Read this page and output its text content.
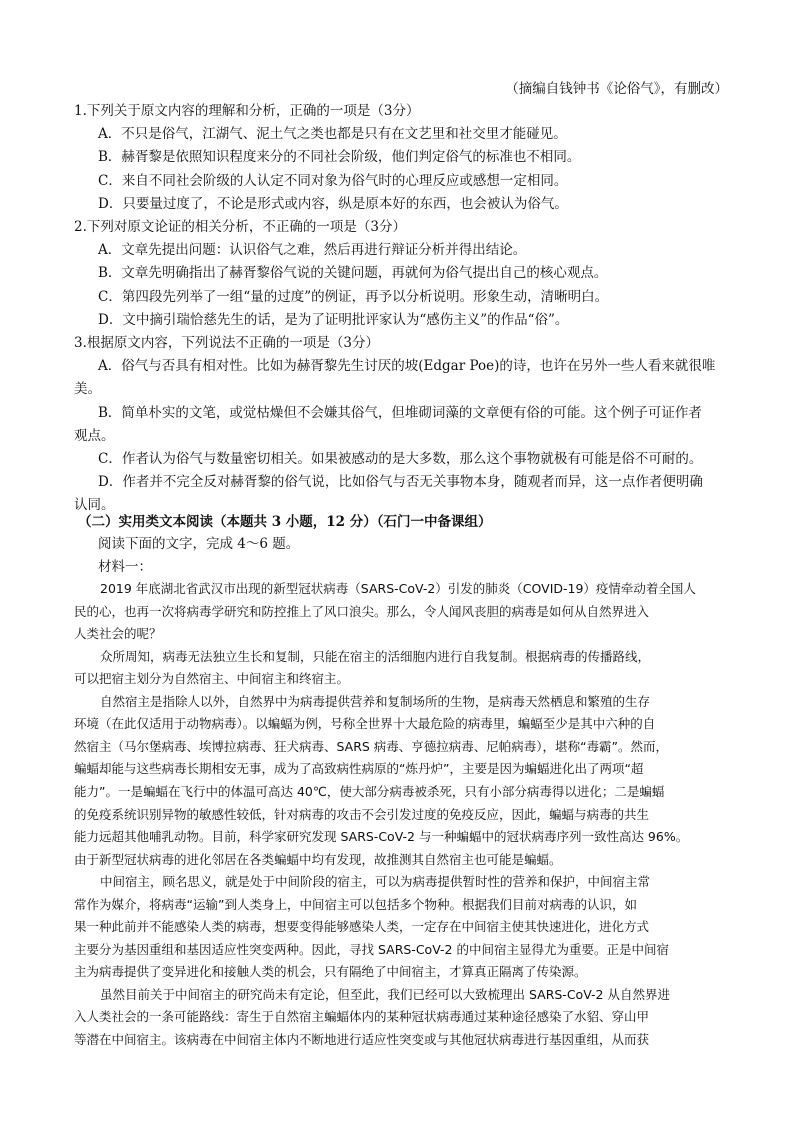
（摘编自钱钟书《论俗气》，有删改）
1.下列关于原文内容的理解和分析，正确的一项是（3分）
A．不只是俗气，江湖气、泥土气之类也都是只有在文艺里和社交里才能碰见。
B．赫胥黎是依照知识程度来分的不同社会阶级，他们判定俗气的标准也不相同。
C．来自不同社会阶级的人认定不同对象为俗气时的心理反应或感想一定相同。
D．只要量过度了，不论是形式或内容，纵是原本好的东西，也会被认为俗气。
2.下列对原文论证的相关分析，不正确的一项是（3分）
A．文章先提出问题：认识俗气之难，然后再进行辩证分析并得出结论。
B．文章先明确指出了赫胥黎俗气说的关键问题，再就何为俗气提出自己的核心观点。
C．第四段先列举了一组“量的过度”的例证，再予以分析说明。形象生动，清晰明白。
D．文中摘引瑞恰慈先生的话，是为了证明批评家认为“感伤主义”的作品“俗”。
3.根据原文内容，下列说法不正确的一项是（3分）
A．俗气与否具有相对性。比如为赫胥黎先生讨厌的坡(Edgar Poe)的诗，也许在另外一些人看来就很唯
美。
B．简单朴实的文笔，或觉枯燥但不会嫌其俗气，但堆砌词藻的文章便有俗的可能。这个例子可证作者
观点。
C．作者认为俗气与数量密切相关。如果被感动的是大多数，那么这个事物就极有可能是俗不可耐的。
D．作者并不完全反对赫胥黎的俗气说，比如俗气与否无关事物本身，随观者而异，这一点作者便明确
认同。
（二）实用类文本阅读（本题共 3 小题，12 分）（石门一中备课组）
阅读下面的文字，完成 4～6 题。
材料一：
2019 年底湖北省武汉市出现的新型冠状病毒（SARS-CoV-2）引发的肺炎（COVID-19）疫情牵动着全国人
民的心，也再一次将病毒学研究和防控推上了风口浪尖。那么，令人闻风丧胆的病毒是如何从自然界进入
人类社会的呢？
众所周知，病毒无法独立生长和复制，只能在宿主的活细胞内进行自我复制。根据病毒的传播路线，
可以把宿主划分为自然宿主、中间宿主和终宿主。
自然宿主是指除人以外，自然界中为病毒提供营养和复制场所的生物，是病毒天然栖息和繁殖的生存
环境（在此仅适用于动物病毒）。以蝙蝠为例，号称全世界十大最危险的病毒里，蝙蝠至少是其中六种的自
然宿主（马尔堡病毒、埃博拉病毒、狂犬病毒、SARS 病毒、亨德拉病毒、尼帕病毒），堪称“毒霸”。然而，
蝙蝠却能与这些病毒长期相安无事，成为了高致病性病原的“炼丹炉”，主要是因为蝙蝠进化出了两项“超
能力”。一是蝙蝠在飞行中的体温可高达 40℃，使大部分病毒被杀死，只有小部分病毒得以进化；二是蝙蝠
的免疫系统识别异物的敏感性较低，针对病毒的攻击不会引发过度的免疫反应，因此，蝙蝠与病毒的共生
能力远超其他哺乳动物。目前，科学家研究发现 SARS-CoV-2 与一种蝙蝠中的冠状病毒序列一致性高达 96%。
由于新型冠状病毒的进化邻居在各类蝙蝠中均有发现，故推测其自然宿主也可能是蝙蝠。
中间宿主，顾名思义，就是处于中间阶段的宿主，可以为病毒提供暂时性的营养和保护，中间宿主常
常作为媒介，将病毒“运输”到人类身上，中间宿主可以包括多个物种。根据我们目前对病毒的认识，如
果一种此前并不能感染人类的病毒，想要变得能够感染人类，一定存在中间宿主使其快速进化，进化方式
主要分为基因重组和基因适应性突变两种。因此，寻找 SARS-CoV-2 的中间宿主显得尤为重要。正是中间宿
主为病毒提供了变异进化和接触人类的机会，只有隔绝了中间宿主，才算真正隔离了传染源。
虽然目前关于中间宿主的研究尚未有定论，但至此，我们已经可以大致梳理出 SARS-CoV-2 从自然界进
入人类社会的一条可能路线：寄生于自然宿主蝙蝠体内的某种冠状病毒通过某种途径感染了水貂、穿山甲
等潜在中间宿主。该病毒在中间宿主体内不断地进行适应性突变或与其他冠状病毒进行基因重组，从而获
